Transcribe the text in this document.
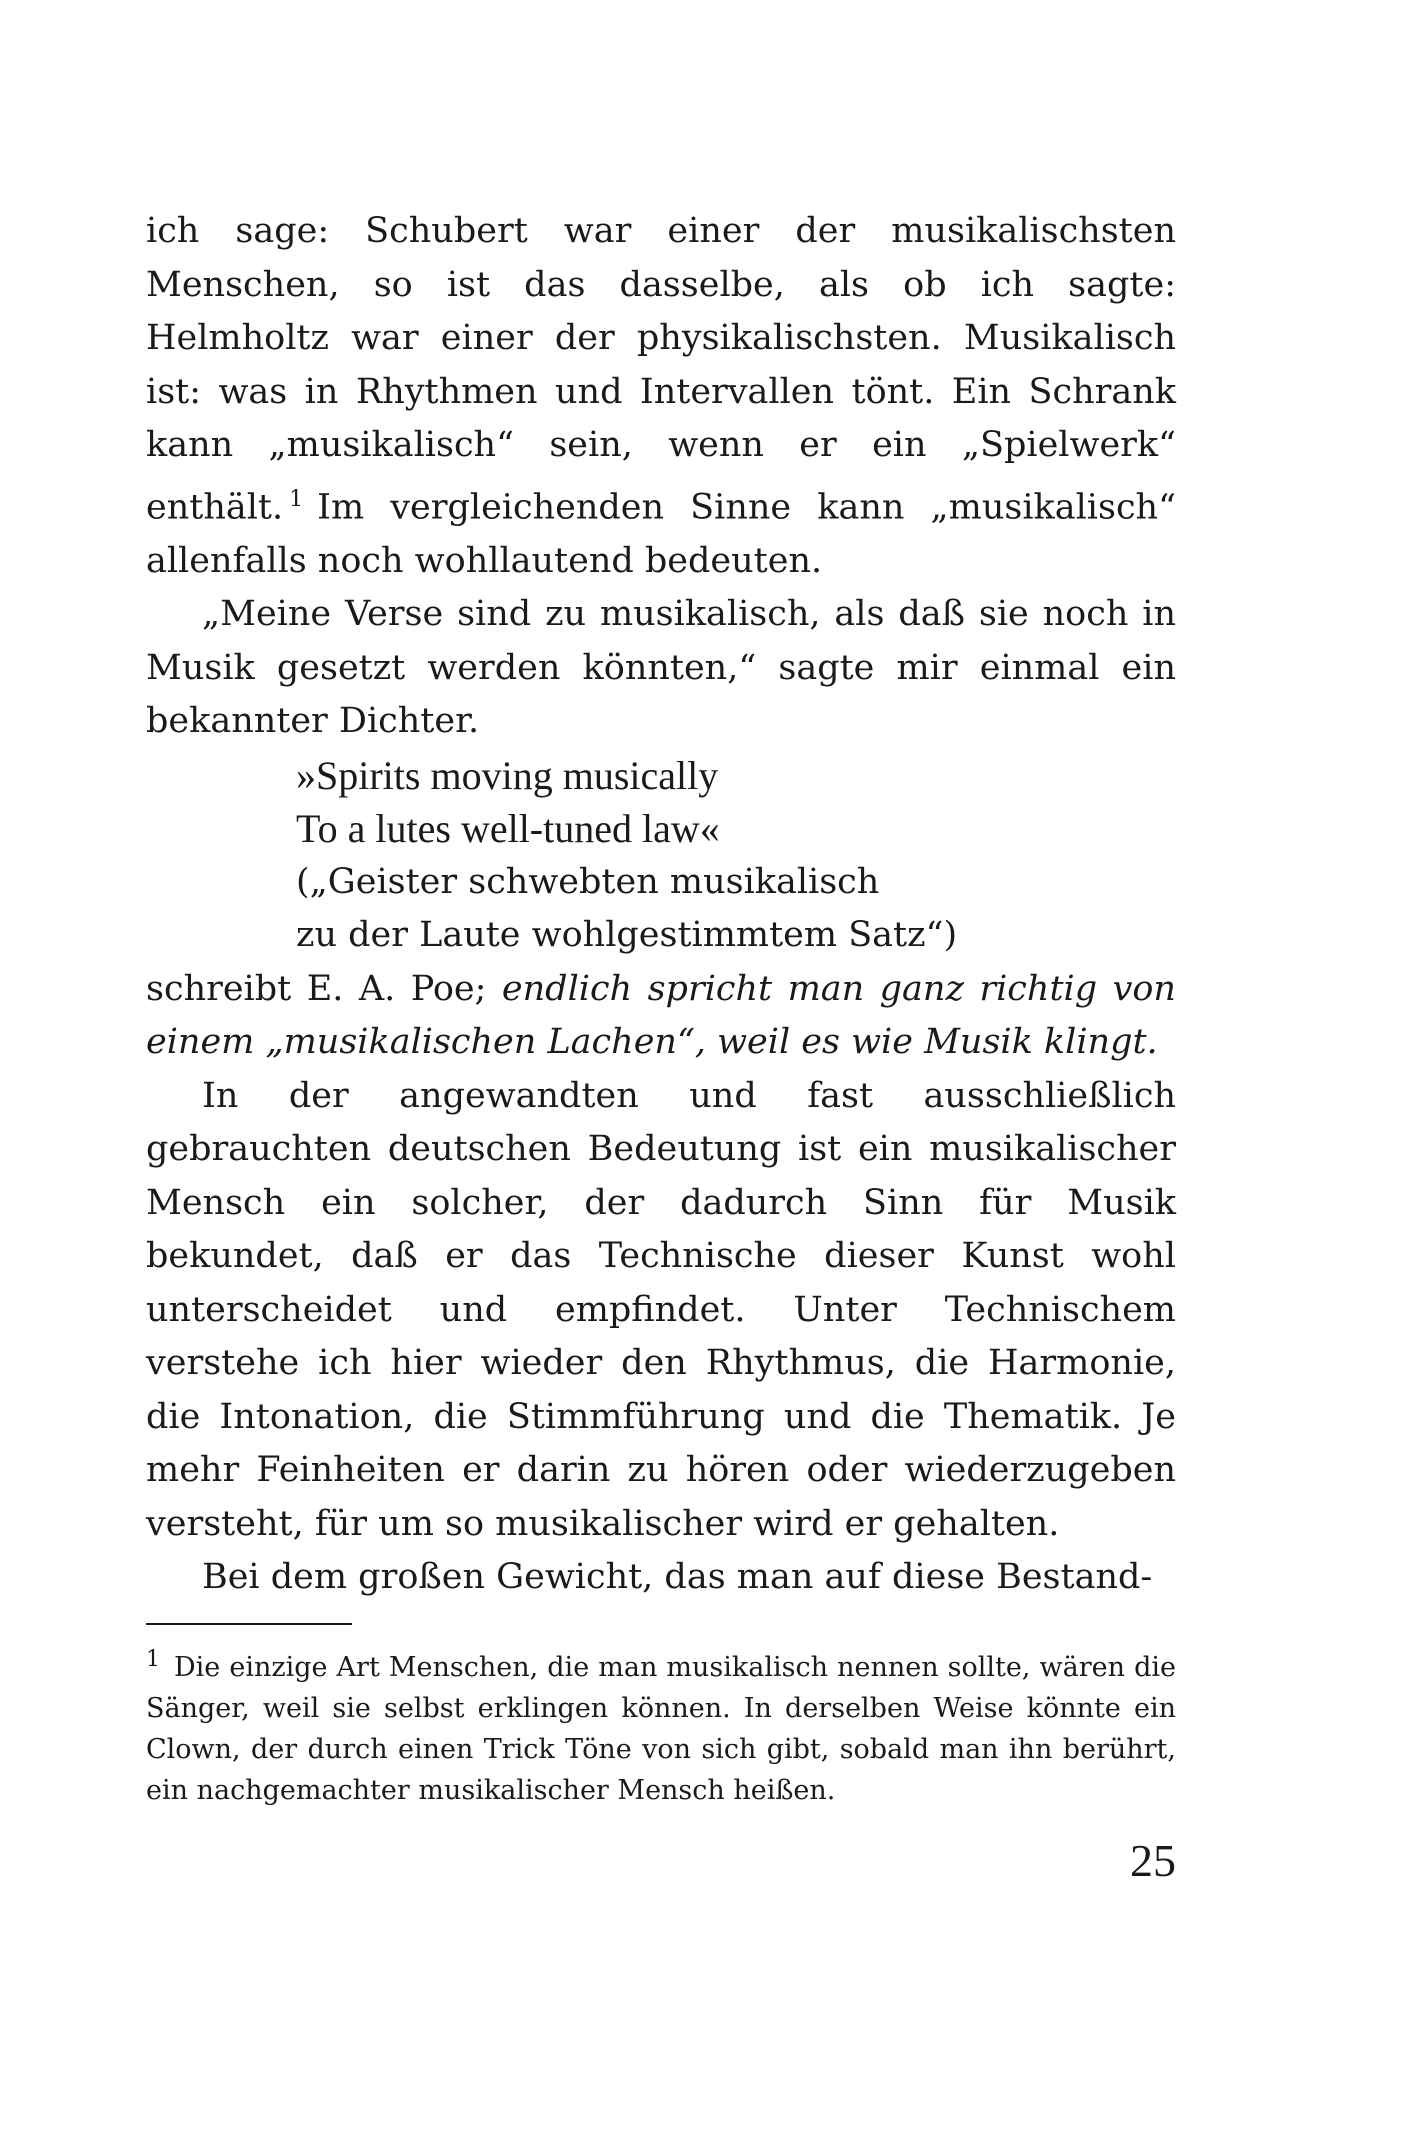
ich sage: Schubert war einer der musikalischsten Menschen, so ist das dasselbe, als ob ich sagte: Helmholtz war einer der physikalischsten. Musikalisch ist: was in Rhythmen und Intervallen tönt. Ein Schrank kann „musikalisch“ sein, wenn er ein „Spielwerk“ enthält. $^1$ Im vergleichenden Sinne kann „musikalisch“ allenfalls noch wohllautend bedeuten.

„Meine Verse sind zu musikalisch, als daß sie noch in Musik gesetzt werden könnten,“ sagte mir einmal ein bekannter Dichter.

»Spirits moving musically
To a lutes well-tuned law«
(„Geister schwebten musikalisch
zu der Laute wohlgestimmtem Satz“)

schreibt E. A. Poe; endlich spricht man ganz richtig von einem „musikalischen Lachen“, weil es wie Musik klingt.

In der angewandten und fast ausschließlich gebrauchten deutschen Bedeutung ist ein musikalischer Mensch ein solcher, der dadurch Sinn für Musik bekundet, daß er das Technische dieser Kunst wohl unterscheidet und empfindet. Unter Technischem verstehe ich hier wieder den Rhythmus, die Harmonie, die Intonation, die Stimmführung und die Thematik. Je mehr Feinheiten er darin zu hören oder wiederzugeben versteht, für um so musikalischer wird er gehalten.

Bei dem großen Gewicht, das man auf diese Bestand-

$^1$ Die einzige Art Menschen, die man musikalisch nennen sollte, wären die Sänger, weil sie selbst erklingen können. In derselben Weise könnte ein Clown, der durch einen Trick Töne von sich gibt, sobald man ihn berührt, ein nachgemachter musikalischer Mensch heißen.

25
